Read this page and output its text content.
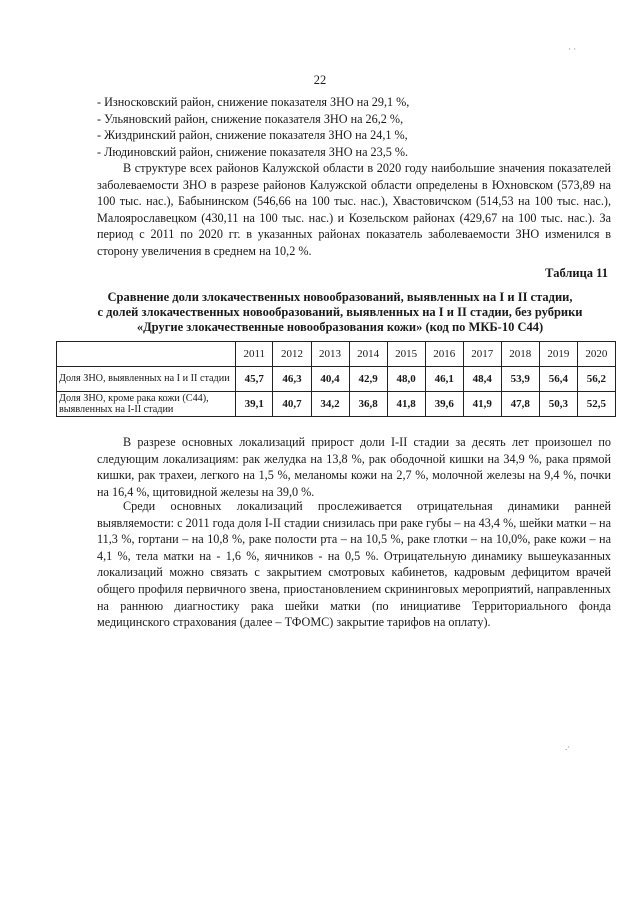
· ·
22
- Износковский район, снижение показателя ЗНО на 29,1 %,
- Ульяновский район, снижение показателя ЗНО на 26,2 %,
- Жиздринский район, снижение показателя ЗНО на 24,1 %,
- Людиновский район, снижение показателя ЗНО на 23,5 %.

В структуре всех районов Калужской области в 2020 году наибольшие значения показателей заболеваемости ЗНО в разрезе районов Калужской области определены в Юхновском (573,89 на 100 тыс. нас.), Бабынинском (546,66 на 100 тыс. нас.), Хвастовичском (514,53 на 100 тыс. нас.), Малоярославецком (430,11 на 100 тыс. нас.) и Козельском районах (429,67 на 100 тыс. нас.). За период с 2011 по 2020 гг. в указанных районах показатель заболеваемости ЗНО изменился в сторону увеличения в среднем на 10,2 %.

Таблица 11
Сравнение доли злокачественных новообразований, выявленных на I и II стадии,
с долей злокачественных новообразований, выявленных на I и II стадии, без рубрики
«Другие злокачественные новообразования кожи» (код по МКБ-10 С44)
	2011	2012	2013	2014	2015	2016	2017	2018	2019	2020
Доля ЗНО, выявленных на I и II стадии	45,7	46,3	40,4	42,9	48,0	46,1	48,4	53,9	56,4	56,2
Доля ЗНО, кроме рака кожи (С44), выявленных на I-II стадии	39,1	40,7	34,2	36,8	41,8	39,6	41,9	47,8	50,3	52,5

В разрезе основных локализаций прирост доли I-II стадии за десять лет произошел по следующим локализациям: рак желудка на 13,8 %, рак ободочной кишки на 34,9 %, рака прямой кишки, рак трахеи, легкого на 1,5 %, меланомы кожи на 2,7 %, молочной железы на 9,4 %, почки на 16,4 %, щитовидной железы на 39,0 %.

Среди основных локализаций прослеживается отрицательная динамики ранней выявляемости: с 2011 года доля I-II стадии снизилась при раке губы – на 43,4 %, шейки матки – на 11,3 %, гортани – на 10,8 %, раке полости рта – на 10,5 %, раке глотки – на 10,0%, раке кожи – на 4,1 %, тела матки на - 1,6 %, яичников - на 0,5 %. Отрицательную динамику вышеуказанных локализаций можно связать с закрытием смотровых кабинетов, кадровым дефицитом врачей общего профиля первичного звена, приостановлением скрининговых мероприятий, направленных на раннюю диагностику рака шейки матки (по инициативе Территориального фонда медицинского страхования (далее – ТФОМС) закрытие тарифов на оплату).

.·
